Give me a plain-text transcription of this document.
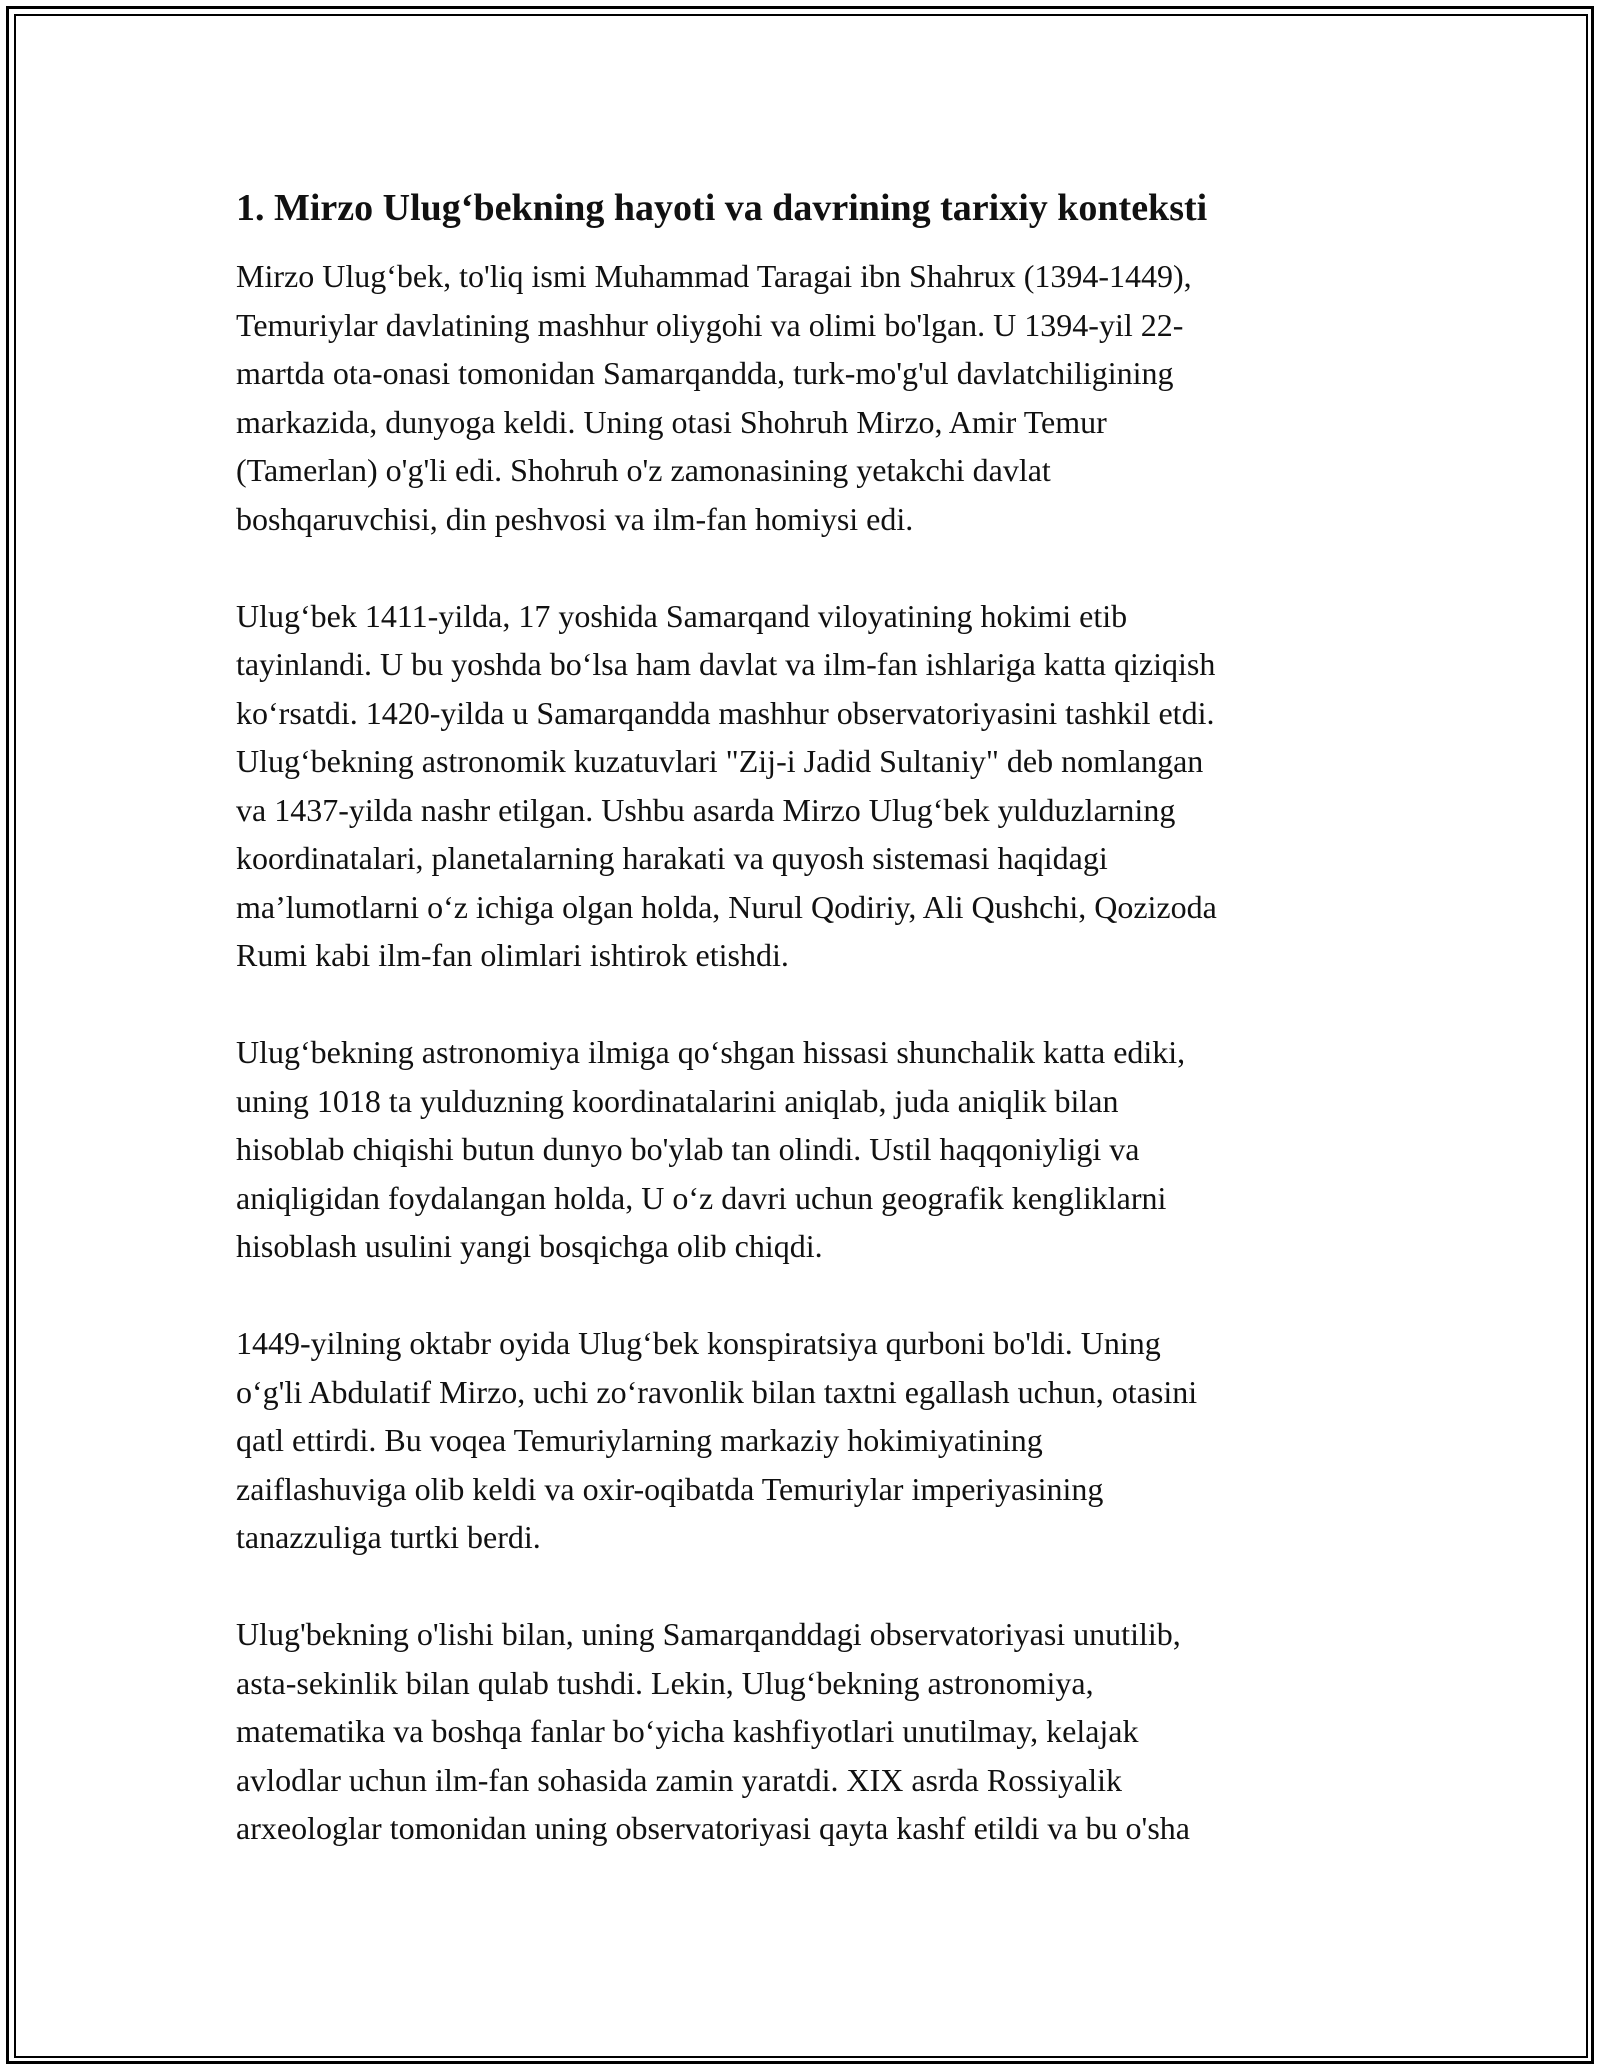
1. Mirzo Ulug‘bekning hayoti va davrining tarixiy konteksti

Mirzo Ulug‘bek, to'liq ismi Muhammad Taragai ibn Shahrux (1394-1449),
Temuriylar davlatining mashhur oliygohi va olimi bo'lgan. U 1394-yil 22-
martda ota-onasi tomonidan Samarqandda, turk-mo'g'ul davlatchiligining
markazida, dunyoga keldi. Uning otasi Shohruh Mirzo, Amir Temur
(Tamerlan) o'g'li edi. Shohruh o'z zamonasining yetakchi davlat
boshqaruvchisi, din peshvosi va ilm-fan homiysi edi.

Ulug‘bek 1411-yilda, 17 yoshida Samarqand viloyatining hokimi etib
tayinlandi. U bu yoshda bo‘lsa ham davlat va ilm-fan ishlariga katta qiziqish
ko‘rsatdi. 1420-yilda u Samarqandda mashhur observatoriyasini tashkil etdi.
Ulug‘bekning astronomik kuzatuvlari "Zij-i Jadid Sultaniy" deb nomlangan
va 1437-yilda nashr etilgan. Ushbu asarda Mirzo Ulug‘bek yulduzlarning
koordinatalari, planetalarning harakati va quyosh sistemasi haqidagi
ma’lumotlarni o‘z ichiga olgan holda, Nurul Qodiriy, Ali Qushchi, Qozizoda
Rumi kabi ilm-fan olimlari ishtirok etishdi.

Ulug‘bekning astronomiya ilmiga qo‘shgan hissasi shunchalik katta ediki,
uning 1018 ta yulduzning koordinatalarini aniqlab, juda aniqlik bilan
hisoblab chiqishi butun dunyo bo'ylab tan olindi. Ustil haqqoniyligi va
aniqligidan foydalangan holda, U o‘z davri uchun geografik kengliklarni
hisoblash usulini yangi bosqichga olib chiqdi.

1449-yilning oktabr oyida Ulug‘bek konspiratsiya qurboni bo'ldi. Uning
o‘g'li Abdulatif Mirzo, uchi zo‘ravonlik bilan taxtni egallash uchun, otasini
qatl ettirdi. Bu voqea Temuriylarning markaziy hokimiyatining
zaiflashuviga olib keldi va oxir-oqibatda Temuriylar imperiyasining
tanazzuliga turtki berdi.

Ulug'bekning o'lishi bilan, uning Samarqanddagi observatoriyasi unutilib,
asta-sekinlik bilan qulab tushdi. Lekin, Ulug‘bekning astronomiya,
matematika va boshqa fanlar bo‘yicha kashfiyotlari unutilmay, kelajak
avlodlar uchun ilm-fan sohasida zamin yaratdi. XIX asrda Rossiyalik
arxeologlar tomonidan uning observatoriyasi qayta kashf etildi va bu o'sha
